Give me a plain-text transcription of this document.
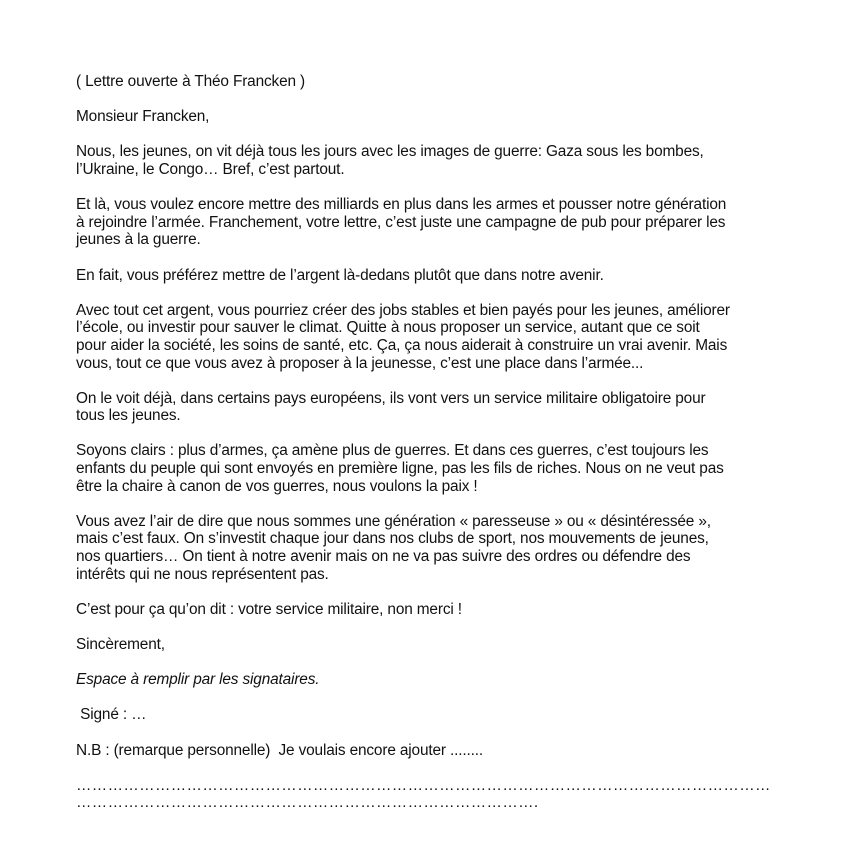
( Lettre ouverte à Théo Francken )

Monsieur Francken,

Nous, les jeunes, on vit déjà tous les jours avec les images de guerre: Gaza sous les bombes,

l’Ukraine, le Congo… Bref, c’est partout.

Et là, vous voulez encore mettre des milliards en plus dans les armes et pousser notre génération

à rejoindre l’armée. Franchement, votre lettre, c’est juste une campagne de pub pour préparer les

jeunes à la guerre.

En fait, vous préférez mettre de l’argent là-dedans plutôt que dans notre avenir.

Avec tout cet argent, vous pourriez créer des jobs stables et bien payés pour les jeunes, améliorer

l’école, ou investir pour sauver le climat. Quitte à nous proposer un service, autant que ce soit

pour aider la société, les soins de santé, etc. Ça, ça nous aiderait à construire un vrai avenir. Mais

vous, tout ce que vous avez à proposer à la jeunesse, c’est une place dans l’armée...

On le voit déjà, dans certains pays européens, ils vont vers un service militaire obligatoire pour

tous les jeunes.

Soyons clairs : plus d’armes, ça amène plus de guerres. Et dans ces guerres, c’est toujours les

enfants du peuple qui sont envoyés en première ligne, pas les fils de riches. Nous on ne veut pas

être la chaire à canon de vos guerres, nous voulons la paix !

Vous avez l’air de dire que nous sommes une génération « paresseuse » ou « désintéressée »,

mais c’est faux. On s’investit chaque jour dans nos clubs de sport, nos mouvements de jeunes,

nos quartiers… On tient à notre avenir mais on ne va pas suivre des ordres ou défendre des

intérêts qui ne nous représentent pas.

C’est pour ça qu’on dit : votre service militaire, non merci !

Sincèrement,

Espace à remplir par les signataires.

Signé : …

N.B : (remarque personnelle)  Je voulais encore ajouter ........

……………………………………………………………………………………………………………………

…………………………………………………………………………….
